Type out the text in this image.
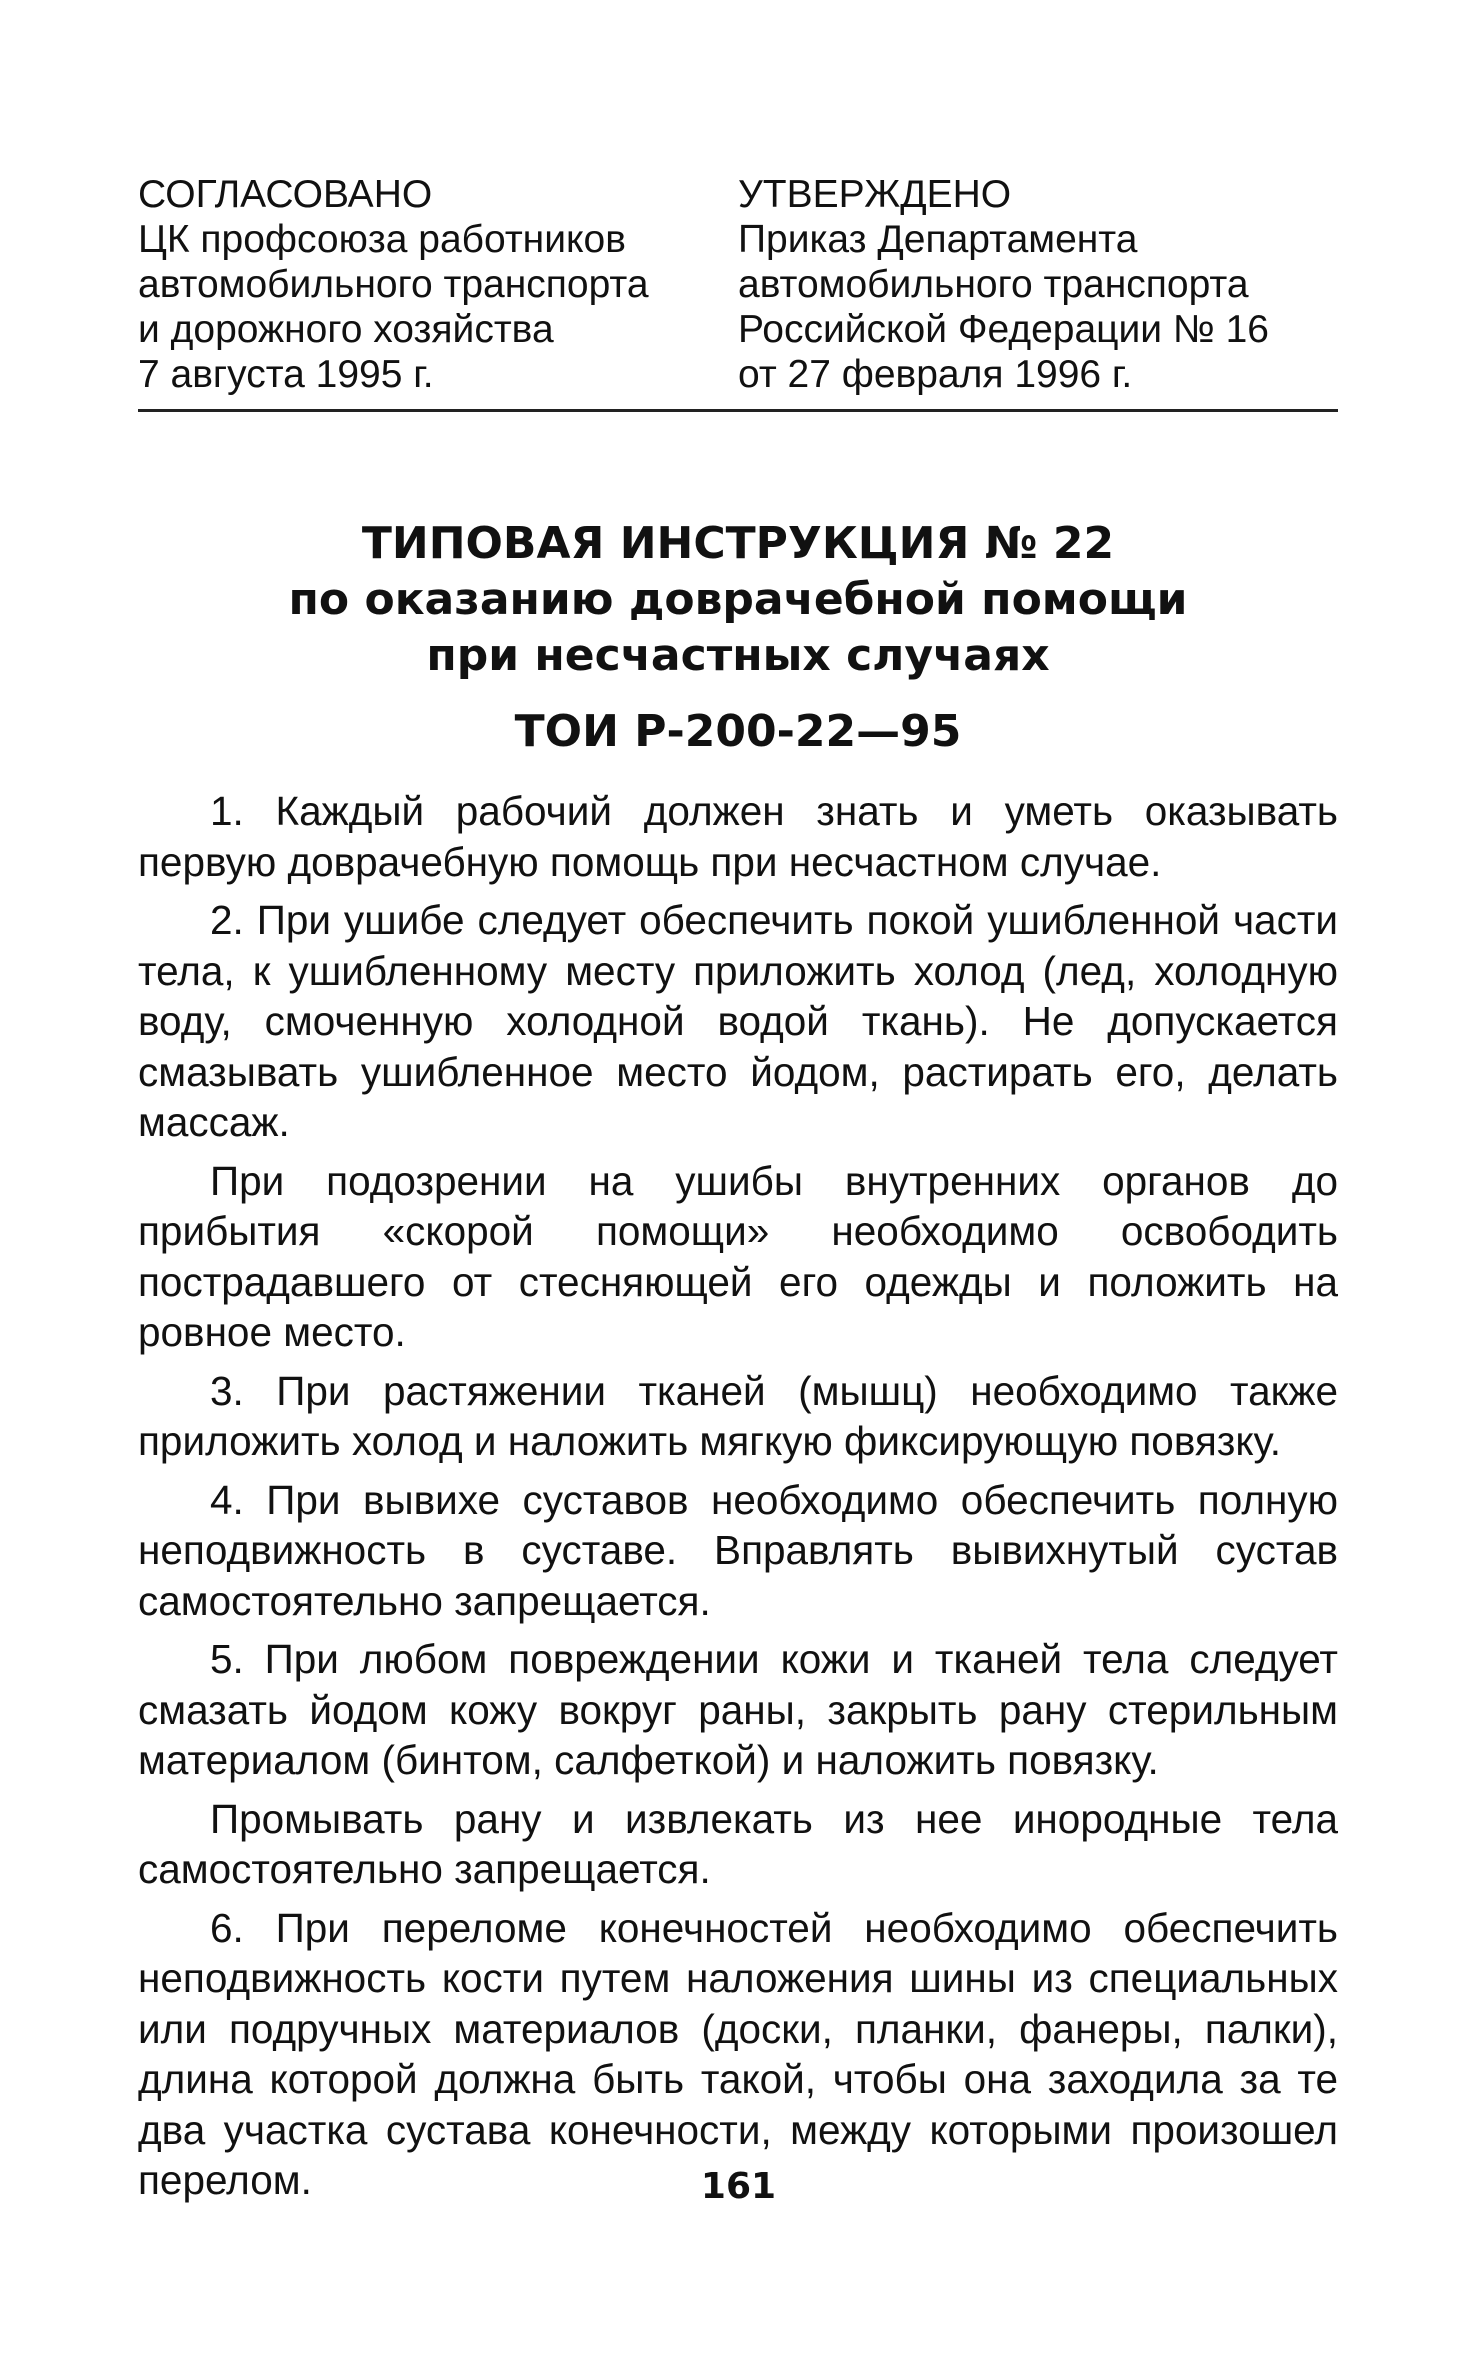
СОГЛАСОВАНО
ЦК профсоюза работников
автомобильного транспорта
и дорожного хозяйства
7 августа 1995 г.
УТВЕРЖДЕНО
Приказ Департамента
автомобильного транспорта
Российской Федерации № 16
от 27 февраля 1996 г.
ТИПОВАЯ ИНСТРУКЦИЯ № 22
по оказанию доврачебной помощи
при несчастных случаях
ТОИ Р-200-22—95

1. Каждый рабочий должен знать и уметь оказывать первую доврачебную помощь при несчастном случае.

2. При ушибе следует обеспечить покой ушибленной части тела, к ушибленному месту приложить холод (лед, холодную воду, смоченную холодной водой ткань). Не допускается смазывать ушибленное место йодом, растирать его, делать массаж.

При подозрении на ушибы внутренних органов до прибытия «скорой помощи» необходимо освободить пострадавшего от стесняющей его одежды и положить на ровное место.

3. При растяжении тканей (мышц) необходимо также приложить холод и наложить мягкую фиксирующую повязку.

4. При вывихе суставов необходимо обеспечить полную неподвижность в суставе. Вправлять вывихнутый сустав самостоятельно запрещается.

5. При любом повреждении кожи и тканей тела следует смазать йодом кожу вокруг раны, закрыть рану стерильным материалом (бинтом, салфеткой) и наложить повязку.

Промывать рану и извлекать из нее инородные тела самостоятельно запрещается.

6. При переломе конечностей необходимо обеспечить неподвижность кости путем наложения шины из специальных или подручных материалов (доски, планки, фанеры, палки), длина которой должна быть такой, чтобы она заходила за те два участка сустава конечности, между которыми произошел перелом.	161
